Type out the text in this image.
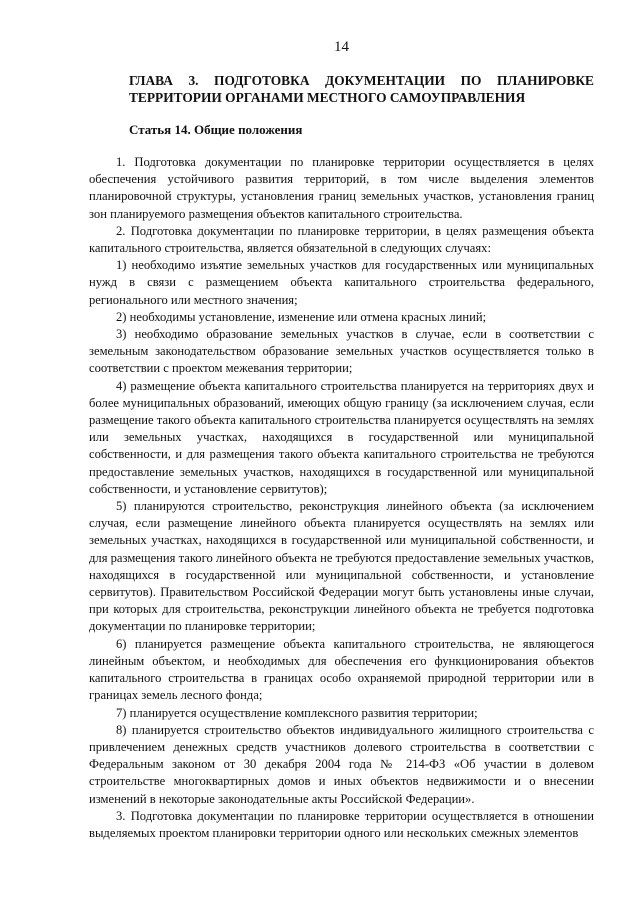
14
ГЛАВА 3. ПОДГОТОВКА ДОКУМЕНТАЦИИ ПО ПЛАНИРОВКЕ
ТЕРРИТОРИИ ОРГАНАМИ МЕСТНОГО САМОУПРАВЛЕНИЯ
Статья 14. Общие положения

1. Подготовка документации по планировке территории осуществляется в целях обеспечения устойчивого развития территорий, в том числе выделения элементов планировочной структуры, установления границ земельных участков, установления границ зон планируемого размещения объектов капитального строительства.

2. Подготовка документации по планировке территории, в целях размещения объекта капитального строительства, является обязательной в следующих случаях:

1) необходимо изъятие земельных участков для государственных или муниципальных нужд в связи с размещением объекта капитального строительства федерального, регионального или местного значения;

2) необходимы установление, изменение или отмена красных линий;

3) необходимо образование земельных участков в случае, если в соответствии с земельным законодательством образование земельных участков осуществляется только в соответствии с проектом межевания территории;

4) размещение объекта капитального строительства планируется на территориях двух и более муниципальных образований, имеющих общую границу (за исключением случая, если размещение такого объекта капитального строительства планируется осуществлять на землях или земельных участках, находящихся в государственной или муниципальной собственности, и для размещения такого объекта капитального строительства не требуются предоставление земельных участков, находящихся в государственной или муниципальной собственности, и установление сервитутов);

5) планируются строительство, реконструкция линейного объекта (за исключением случая, если размещение линейного объекта планируется осуществлять на землях или земельных участках, находящихся в государственной или муниципальной собственности, и для размещения такого линейного объекта не требуются предоставление земельных участков, находящихся в государственной или муниципальной собственности, и установление сервитутов). Правительством Российской Федерации могут быть установлены иные случаи, при которых для строительства, реконструкции линейного объекта не требуется подготовка документации по планировке территории;

6) планируется размещение объекта капитального строительства, не являющегося линейным объектом, и необходимых для обеспечения его функционирования объектов капитального строительства в границах особо охраняемой природной территории или в границах земель лесного фонда;

7) планируется осуществление комплексного развития территории;

8) планируется строительство объектов индивидуального жилищного строительства с привлечением денежных средств участников долевого строительства в соответствии с Федеральным законом от 30 декабря 2004 года № 214-ФЗ «Об участии в долевом строительстве многоквартирных домов и иных объектов недвижимости и о внесении изменений в некоторые законодательные акты Российской Федерации».

3. Подготовка документации по планировке территории осуществляется в отношении выделяемых проектом планировки территории одного или нескольких смежных элементов
